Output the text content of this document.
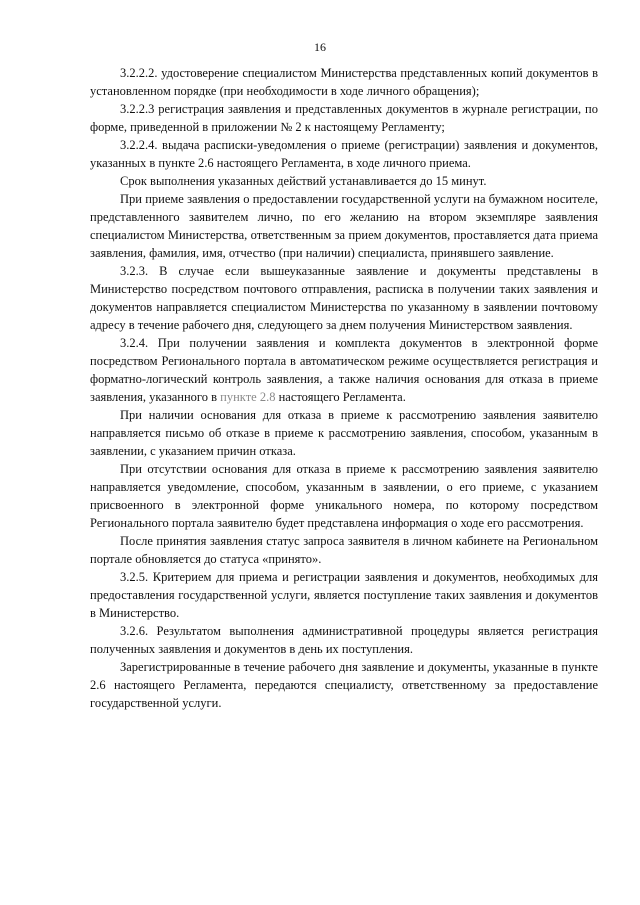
16

3.2.2.2. удостоверение специалистом Министерства представленных копий документов в установленном порядке (при необходимости в ходе личного обращения);

3.2.2.3 регистрация заявления и представленных документов в журнале регистрации, по форме, приведенной в приложении № 2 к настоящему Регламенту;

3.2.2.4. выдача расписки-уведомления о приеме (регистрации) заявления и документов, указанных в пункте 2.6 настоящего Регламента, в ходе личного приема.

Срок выполнения указанных действий устанавливается до 15 минут.

При приеме заявления о предоставлении государственной услуги на бумажном носителе, представленного заявителем лично, по его желанию на втором экземпляре заявления специалистом Министерства, ответственным за прием документов, проставляется дата приема заявления, фамилия, имя, отчество (при наличии) специалиста, принявшего заявление.

3.2.3. В случае если вышеуказанные заявление и документы представлены в Министерство посредством почтового отправления, расписка в получении таких заявления и документов направляется специалистом Министерства по указанному в заявлении почтовому адресу в течение рабочего дня, следующего за днем получения Министерством заявления.

3.2.4. При получении заявления и комплекта документов в электронной форме посредством Регионального портала в автоматическом режиме осуществляется регистрация и форматно-логический контроль заявления, а также наличия основания для отказа в приеме заявления, указанного в пункте 2.8 настоящего Регламента.

При наличии основания для отказа в приеме к рассмотрению заявления заявителю направляется письмо об отказе в приеме к рассмотрению заявления, способом, указанным в заявлении, с указанием причин отказа.

При отсутствии основания для отказа в приеме к рассмотрению заявления заявителю направляется уведомление, способом, указанным в заявлении, о его приеме, с указанием присвоенного в электронной форме уникального номера, по которому посредством Регионального портала заявителю будет представлена информация о ходе его рассмотрения.

После принятия заявления статус запроса заявителя в личном кабинете на Региональном портале обновляется до статуса «принято».

3.2.5. Критерием для приема и регистрации заявления и документов, необходимых для предоставления государственной услуги, является поступление таких заявления и документов в Министерство.

3.2.6. Результатом выполнения административной процедуры является регистрация полученных заявления и документов в день их поступления.

Зарегистрированные в течение рабочего дня заявление и документы, указанные в пункте 2.6 настоящего Регламента, передаются специалисту, ответственному за предоставление государственной услуги.
